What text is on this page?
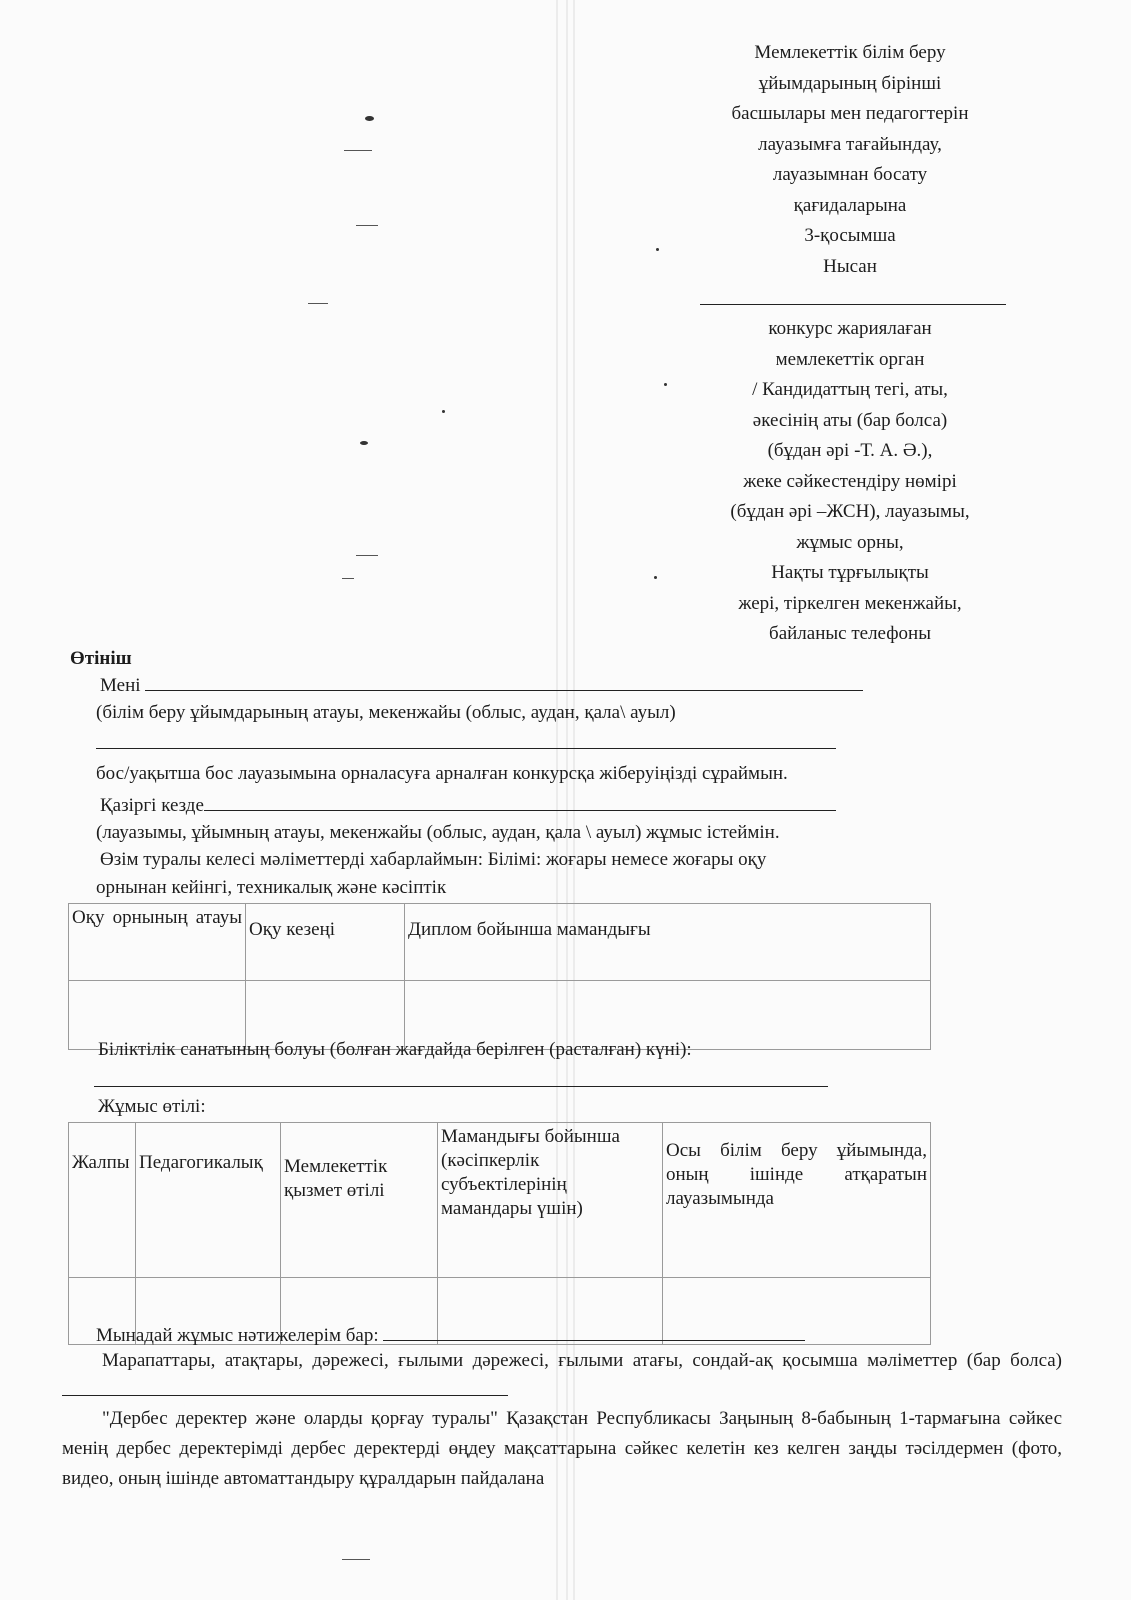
Мемлекеттік білім беру
ұйымдарының бірінші
басшылары мен педагогтерін
лауазымға тағайындау,
лауазымнан босату
қағидаларына
3-қосымша
Нысан
конкурс жариялаған
мемлекеттік орган
/ Кандидаттың тегі, аты,
әкесінің аты (бар болса)
(бұдан әрі -Т. А. Ә.),
жеке сәйкестендіру нөмірі
(бұдан әрі –ЖСН), лауазымы,
жұмыс орны,
Нақты тұрғылықты
жері, тіркелген мекенжайы,
байланыс телефоны
Өтініш
Мені
(білім беру ұйымдарының атауы, мекенжайы (облыс, аудан, қала\ ауыл)
бос/уақытша бос лауазымына орналасуға арналған конкурсқа жіберуіңізді сұраймын.
Қазіргі кезде
(лауазымы, ұйымның атауы, мекенжайы (облыс, аудан, қала \ ауыл) жұмыс істеймін.
Өзім туралы келесі мәліметтерді хабарлаймын: Білімі: жоғары немесе жоғары оқу
орнынан кейінгі, техникалық және кәсіптік
Оқу орнының атауы	Оқу кезеңі	Диплом бойынша мамандығы

Біліктілік санатының болуы (болған жағдайда берілген (расталған) күні):
Жұмыс өтілі:
Жалпы	Педагогикалық	Мемлекеттік қызмет өтілі	Мамандығы бойынша (кәсіпкерлік субъектілерінің мамандары үшін)	Осы білім беру ұйымында, оның ішінде атқаратын лауазымында

Мынадай жұмыс нәтижелерім бар:
Марапаттары, атақтары, дәрежесі, ғылыми дәрежесі, ғылыми атағы, сондай-ақ қосымша мәліметтер (бар болса)
"Дербес деректер және оларды қорғау туралы" Қазақстан Республикасы Заңының 8-бабының 1-тармағына сәйкес менің дербес деректерімді дербес деректерді өңдеу мақсаттарына сәйкес келетін кез келген заңды тәсілдермен (фото, видео, оның ішінде автоматтандыру құралдарын пайдалана
